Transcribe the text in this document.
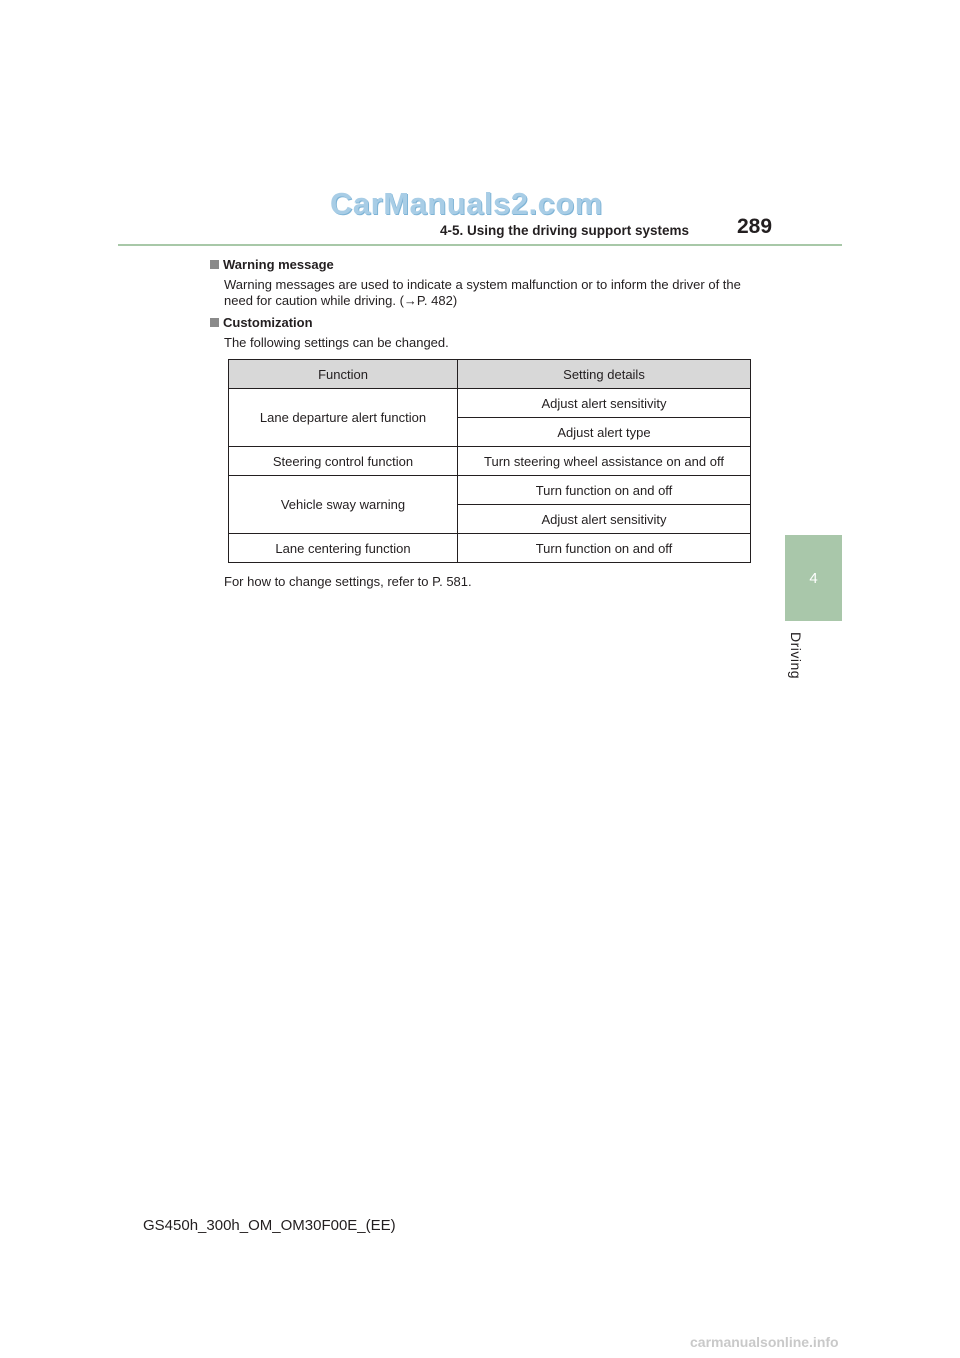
CarManuals2.com
4-5. Using the driving support systems 289
4
Driving
Warning message
Warning messages are used to indicate a system malfunction or to inform the driver of the need for caution while driving. (→P. 482)
Customization
The following settings can be changed.
Function	Setting details
Lane departure alert function	Adjust alert sensitivity
	Adjust alert type
Steering control function	Turn steering wheel assistance on and off
Vehicle sway warning	Turn function on and off
	Adjust alert sensitivity
Lane centering function	Turn function on and off
For how to change settings, refer to P. 581.
GS450h_300h_OM_OM30F00E_(EE)
carmanualsonline.info
